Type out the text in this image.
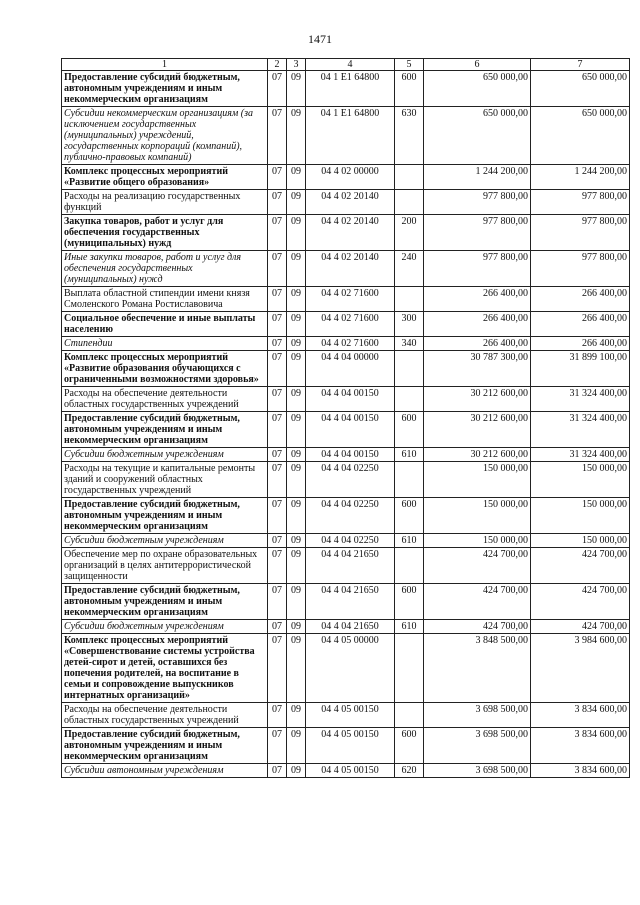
1471
1	2	3	4	5	6	7
Предоставление субсидий бюджетным, автономным учреждениям и иным некоммерческим организациям	07	09	04 1 E1 64800	600	650 000,00	650 000,00
Субсидии некоммерческим организациям (за исключением государственных (муниципальных) учреждений, государственных корпораций (компаний), публично-правовых компаний)	07	09	04 1 E1 64800	630	650 000,00	650 000,00
Комплекс процессных мероприятий «Развитие общего образования»	07	09	04 4 02 00000		1 244 200,00	1 244 200,00
Расходы на реализацию государственных функций	07	09	04 4 02 20140		977 800,00	977 800,00
Закупка товаров, работ и услуг для обеспечения государственных (муниципальных) нужд	07	09	04 4 02 20140	200	977 800,00	977 800,00
Иные закупки товаров, работ и услуг для обеспечения государственных (муниципальных) нужд	07	09	04 4 02 20140	240	977 800,00	977 800,00
Выплата областной стипендии имени князя Смоленского Романа Ростиславовича	07	09	04 4 02 71600		266 400,00	266 400,00
Социальное обеспечение и иные выплаты населению	07	09	04 4 02 71600	300	266 400,00	266 400,00
Стипендии	07	09	04 4 02 71600	340	266 400,00	266 400,00
Комплекс процессных мероприятий «Развитие образования обучающихся с ограниченными возможностями здоровья»	07	09	04 4 04 00000		30 787 300,00	31 899 100,00
Расходы на обеспечение деятельности областных государственных учреждений	07	09	04 4 04 00150		30 212 600,00	31 324 400,00
Предоставление субсидий бюджетным, автономным учреждениям и иным некоммерческим организациям	07	09	04 4 04 00150	600	30 212 600,00	31 324 400,00
Субсидии бюджетным учреждениям	07	09	04 4 04 00150	610	30 212 600,00	31 324 400,00
Расходы на текущие и капитальные ремонты зданий и сооружений областных государственных учреждений	07	09	04 4 04 02250		150 000,00	150 000,00
Предоставление субсидий бюджетным, автономным учреждениям и иным некоммерческим организациям	07	09	04 4 04 02250	600	150 000,00	150 000,00
Субсидии бюджетным учреждениям	07	09	04 4 04 02250	610	150 000,00	150 000,00
Обеспечение мер по охране образовательных организаций в целях антитеррористической защищенности	07	09	04 4 04 21650		424 700,00	424 700,00
Предоставление субсидий бюджетным, автономным учреждениям и иным некоммерческим организациям	07	09	04 4 04 21650	600	424 700,00	424 700,00
Субсидии бюджетным учреждениям	07	09	04 4 04 21650	610	424 700,00	424 700,00
Комплекс процессных мероприятий «Совершенствование системы устройства детей-сирот и детей, оставшихся без попечения родителей, на воспитание в семьи и сопровождение выпускников интернатных организаций»	07	09	04 4 05 00000		3 848 500,00	3 984 600,00
Расходы на обеспечение деятельности областных государственных учреждений	07	09	04 4 05 00150		3 698 500,00	3 834 600,00
Предоставление субсидий бюджетным, автономным учреждениям и иным некоммерческим организациям	07	09	04 4 05 00150	600	3 698 500,00	3 834 600,00
Субсидии автономным учреждениям	07	09	04 4 05 00150	620	3 698 500,00	3 834 600,00
